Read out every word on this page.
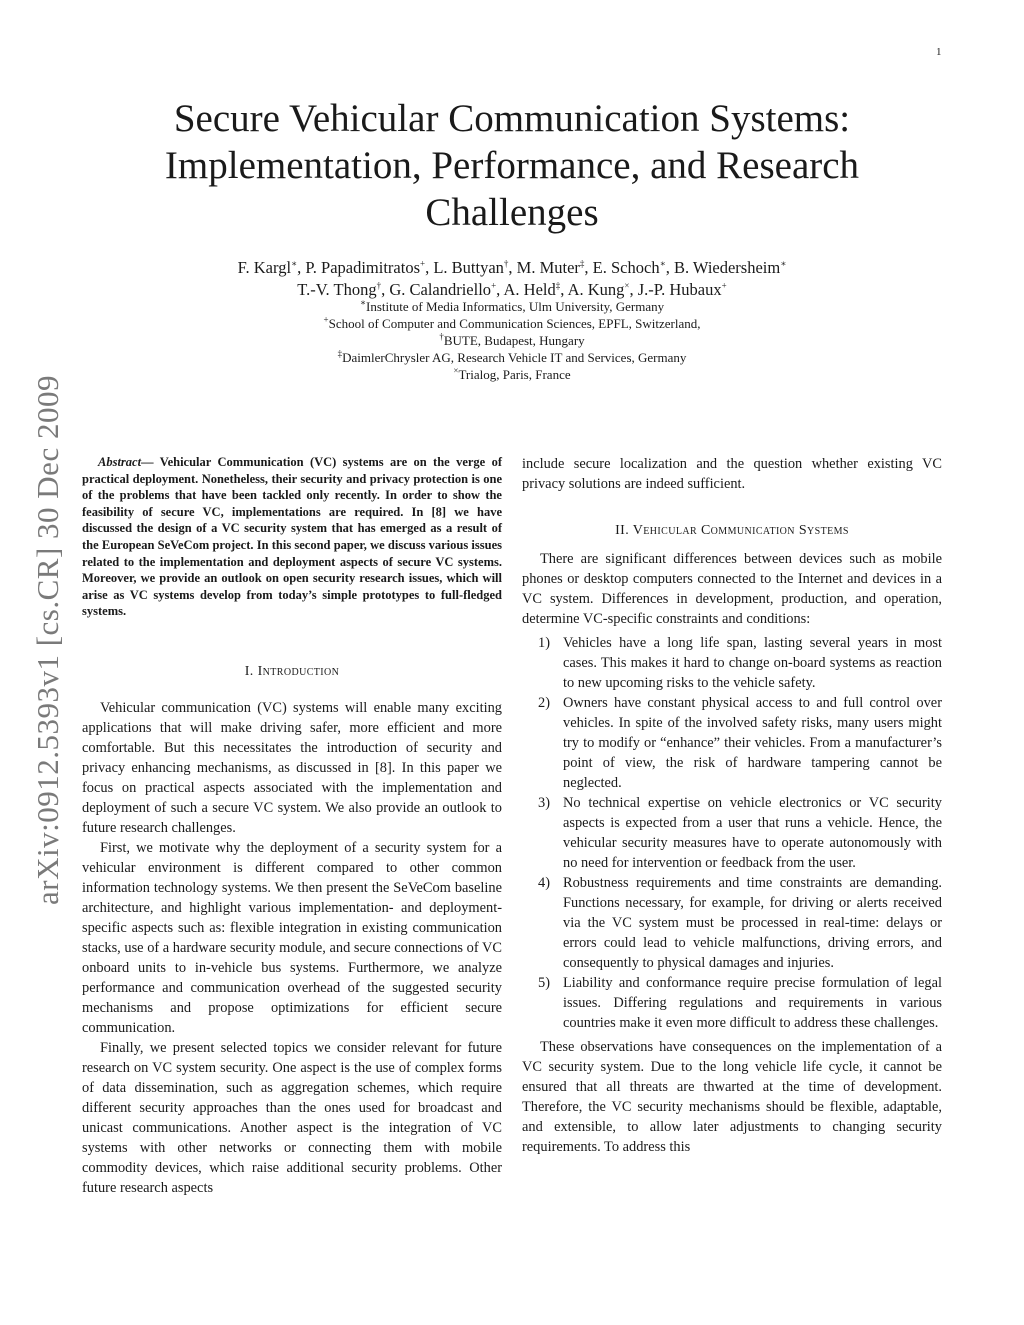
1
arXiv:0912.5393v1 [cs.CR] 30 Dec 2009
Secure Vehicular Communication Systems:
Implementation, Performance, and Research
Challenges
F. Kargl∗, P. Papadimitratos+, L. Buttyan†, M. Muter‡, E. Schoch∗, B. Wiedersheim∗
T.-V. Thong†, G. Calandriello+, A. Held‡, A. Kung×, J.-P. Hubaux+
∗Institute of Media Informatics, Ulm University, Germany
+School of Computer and Communication Sciences, EPFL, Switzerland,
†BUTE, Budapest, Hungary
‡DaimlerChrysler AG, Research Vehicle IT and Services, Germany
×Trialog, Paris, France

Abstract— Vehicular Communication (VC) systems are on the verge of practical deployment. Nonetheless, their security and privacy protection is one of the problems that have been tackled only recently. In order to show the feasibility of secure VC, implementations are required. In [8] we have discussed the design of a VC security system that has emerged as a result of the European SeVeCom project. In this second paper, we discuss various issues related to the implementation and deployment aspects of secure VC systems. Moreover, we provide an outlook on open security research issues, which will arise as VC systems develop from today’s simple prototypes to full-fledged systems.

I. Introduction

Vehicular communication (VC) systems will enable many exciting applications that will make driving safer, more efficient and more comfortable. But this necessitates the introduction of security and privacy enhancing mechanisms, as discussed in [8]. In this paper we focus on practical aspects associated with the implementation and deployment of such a secure VC system. We also provide an outlook to future research challenges.

First, we motivate why the deployment of a security system for a vehicular environment is different compared to other common information technology systems. We then present the SeVeCom baseline architecture, and highlight various implementation- and deployment-specific aspects such as: flexible integration in existing communication stacks, use of a hardware security module, and secure connections of VC onboard units to in-vehicle bus systems. Furthermore, we analyze performance and communication overhead of the suggested security mechanisms and propose optimizations for efficient secure communication.

Finally, we present selected topics we consider relevant for future research on VC system security. One aspect is the use of complex forms of data dissemination, such as aggregation schemes, which require different security approaches than the ones used for broadcast and unicast communications. Another aspect is the integration of VC systems with other networks or connecting them with mobile commodity devices, which raise additional security problems. Other future research aspects

include secure localization and the question whether existing VC privacy solutions are indeed sufficient.

II. Vehicular Communication Systems

There are significant differences between devices such as mobile phones or desktop computers connected to the Internet and devices in a VC system. Differences in development, production, and operation, determine VC-specific constraints and conditions:

1) Vehicles have a long life span, lasting several years in most cases. This makes it hard to change on-board systems as reaction to new upcoming risks to the vehicle safety.
2) Owners have constant physical access to and full control over vehicles. In spite of the involved safety risks, many users might try to modify or “enhance” their vehicles. From a manufacturer’s point of view, the risk of hardware tampering cannot be neglected.
3) No technical expertise on vehicle electronics or VC security aspects is expected from a user that runs a vehicle. Hence, the vehicular security measures have to operate autonomously with no need for intervention or feedback from the user.
4) Robustness requirements and time constraints are demanding. Functions necessary, for example, for driving or alerts received via the VC system must be processed in real-time: delays or errors could lead to vehicle malfunctions, driving errors, and consequently to physical damages and injuries.
5) Liability and conformance require precise formulation of legal issues. Differing regulations and requirements in various countries make it even more difficult to address these challenges.

These observations have consequences on the implementation of a VC security system. Due to the long vehicle life cycle, it cannot be ensured that all threats are thwarted at the time of development. Therefore, the VC security mechanisms should be flexible, adaptable, and extensible, to allow later adjustments to changing security requirements. To address this
